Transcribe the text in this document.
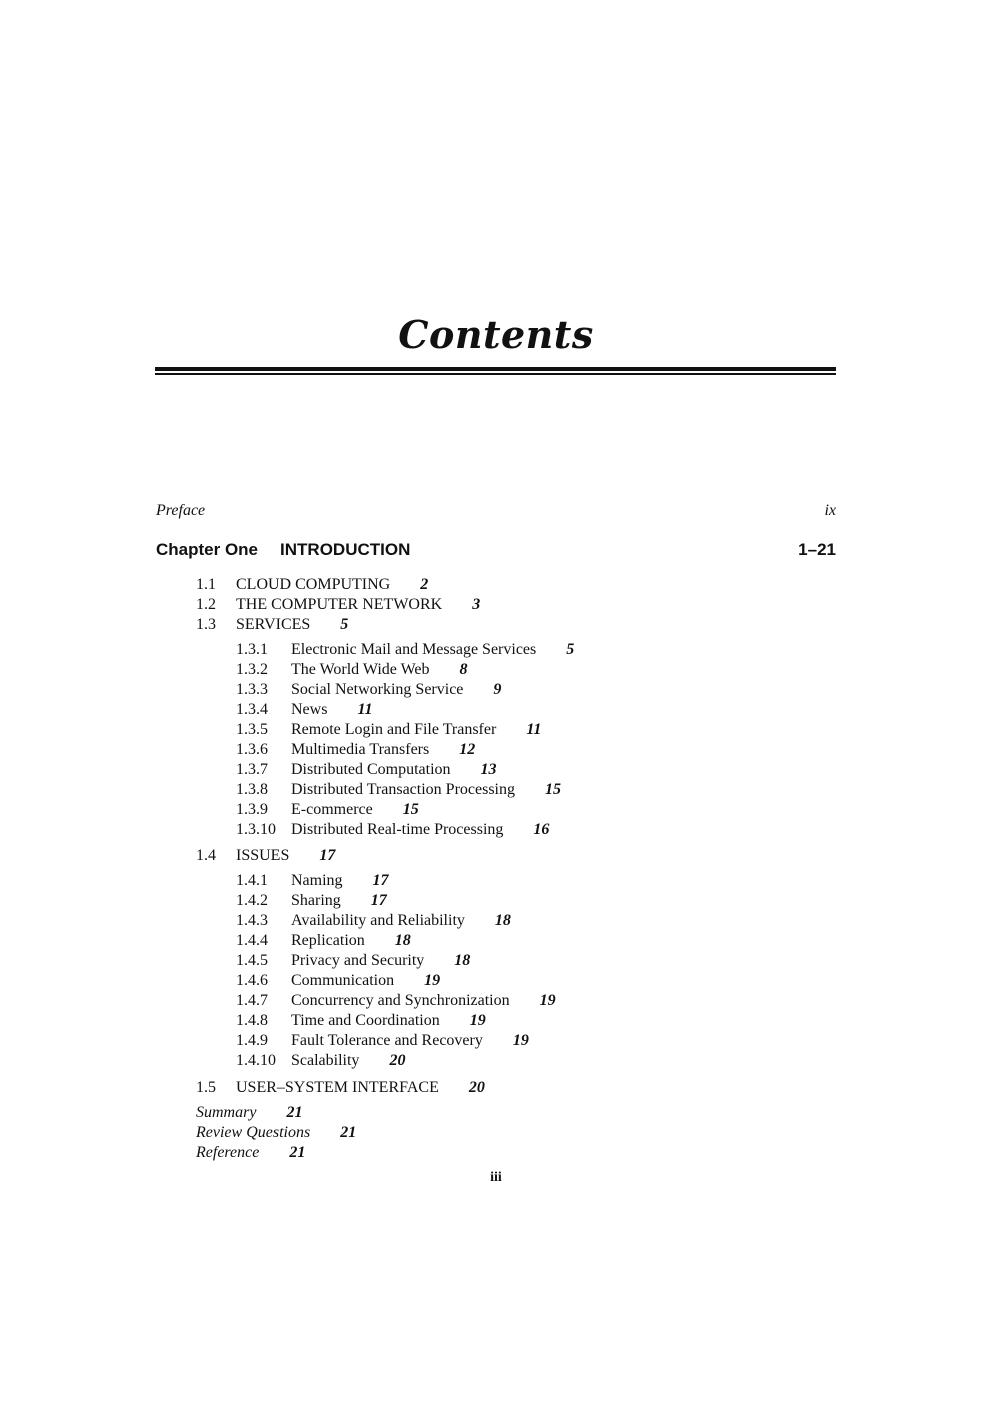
Contents
Preface	ix
Chapter One INTRODUCTION	1–21
1.1 CLOUD COMPUTING 2
1.2 THE COMPUTER NETWORK 3
1.3 SERVICES 5
1.3.1 Electronic Mail and Message Services 5
1.3.2 The World Wide Web 8
1.3.3 Social Networking Service 9
1.3.4 News 11
1.3.5 Remote Login and File Transfer 11
1.3.6 Multimedia Transfers 12
1.3.7 Distributed Computation 13
1.3.8 Distributed Transaction Processing 15
1.3.9 E-commerce 15
1.3.10 Distributed Real-time Processing 16
1.4 ISSUES 17
1.4.1 Naming 17
1.4.2 Sharing 17
1.4.3 Availability and Reliability 18
1.4.4 Replication 18
1.4.5 Privacy and Security 18
1.4.6 Communication 19
1.4.7 Concurrency and Synchronization 19
1.4.8 Time and Coordination 19
1.4.9 Fault Tolerance and Recovery 19
1.4.10 Scalability 20
1.5 USER–SYSTEM INTERFACE 20
Summary 21
Review Questions 21
Reference 21
iii
